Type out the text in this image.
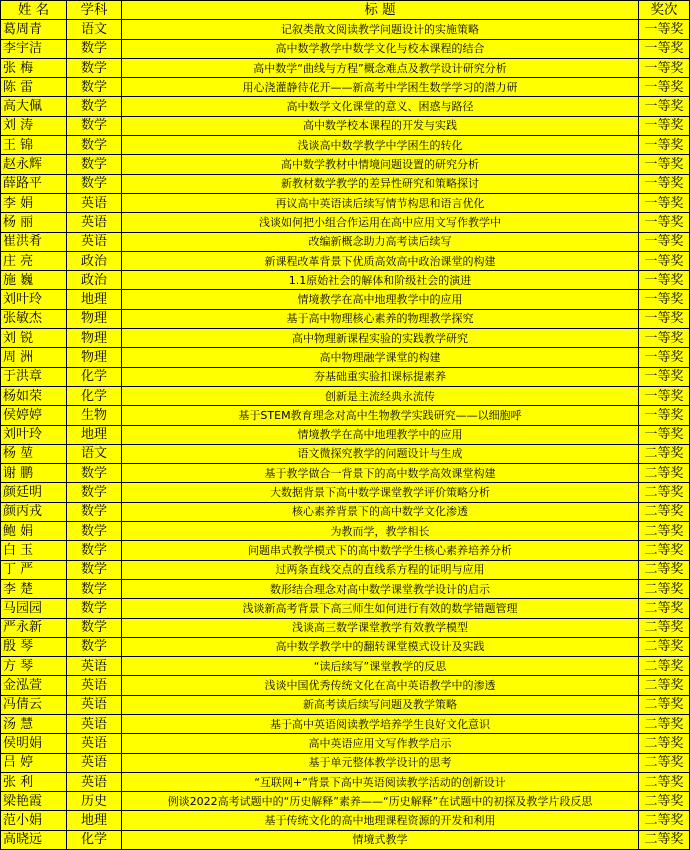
姓 名	学科	标 题	奖次
葛周青	语文	记叙类散文阅读教学问题设计的实施策略	一等奖
李宇洁	数学	高中数学教学中数学文化与校本课程的结合	一等奖
张 梅	数学	高中数学“曲线与方程”概念难点及教学设计研究分析	一等奖
陈 雷	数学	用心浇灌静待花开——新高考中学困生数学学习的潜力研	一等奖
高大佩	数学	高中数学文化课堂的意义、困惑与路径	一等奖
刘 涛	数学	高中数学校本课程的开发与实践	一等奖
王 锦	数学	浅谈高中数学教学中学困生的转化	一等奖
赵永辉	数学	高中数学教材中情境问题设置的研究分析	一等奖
薛路平	数学	新教材数学教学的差异性研究和策略探讨	一等奖
李 娟	英语	再议高中英语读后续写情节构思和语言优化	一等奖
杨 丽	英语	浅谈如何把小组合作运用在高中应用文写作教学中	一等奖
崔洪肴	英语	改编新概念助力高考读后续写	一等奖
庄 亮	政治	新课程改革背景下优质高效高中政治课堂的构建	一等奖
施 巍	政治	1.1原始社会的解体和阶级社会的演进	一等奖
刘叶玲	地理	情境教学在高中地理教学中的应用	一等奖
张敏杰	物理	基于高中物理核心素养的物理教学探究	一等奖
刘 锐	物理	高中物理新课程实验的实践教学研究	一等奖
周 洲	物理	高中物理融学课堂的构建	一等奖
于洪章	化学	夯基础重实验扣课标提素养	一等奖
杨如荣	化学	创新是主流经典永流传	一等奖
侯婷婷	生物	基于STEM教育理念对高中生物教学实践研究——以细胞呼	一等奖
刘叶玲	地理	情境教学在高中地理教学中的应用	一等奖
杨 堃	语文	语文微探究教学的问题设计与生成	二等奖
谢 鹏	数学	基于教学做合一背景下的高中数学高效课堂构建	二等奖
颜廷明	数学	大数据背景下高中数学课堂教学评价策略分析	二等奖
颜丙戎	数学	核心素养背景下的高中数学文化渗透	二等奖
鲍 娟	数学	为教而学，教学相长	二等奖
白 玉	数学	问题串式教学模式下的高中数学学生核心素养培养分析	二等奖
丁 严	数学	过两条直线交点的直线系方程的证明与应用	二等奖
李 楚	数学	数形结合理念对高中数学课堂教学设计的启示	二等奖
马园园	数学	浅谈新高考背景下高三师生如何进行有效的数学错题管理	二等奖
严永新	数学	浅谈高三数学课堂教学有效教学模型	二等奖
殷 琴	数学	高中数学教学中的翻转课堂模式设计及实践	二等奖
方 琴	英语	“读后续写”课堂教学的反思	二等奖
金泓萱	英语	浅谈中国优秀传统文化在高中英语教学中的渗透	二等奖
冯倩云	英语	新高考读后续写问题及教学策略	二等奖
汤 慧	英语	基于高中英语阅读教学培养学生良好文化意识	二等奖
侯明娟	英语	高中英语应用文写作教学启示	二等奖
吕 婷	英语	基于单元整体教学设计的思考	二等奖
张 利	英语	“互联网+”背景下高中英语阅读教学活动的创新设计	二等奖
梁艳霞	历史	例谈2022高考试题中的“历史解释”素养——“历史解释”在试题中的初探及教学片段反思	二等奖
范小娟	地理	基于传统文化的高中地理课程资源的开发和利用	二等奖
高晓远	化学	情境式教学	二等奖
